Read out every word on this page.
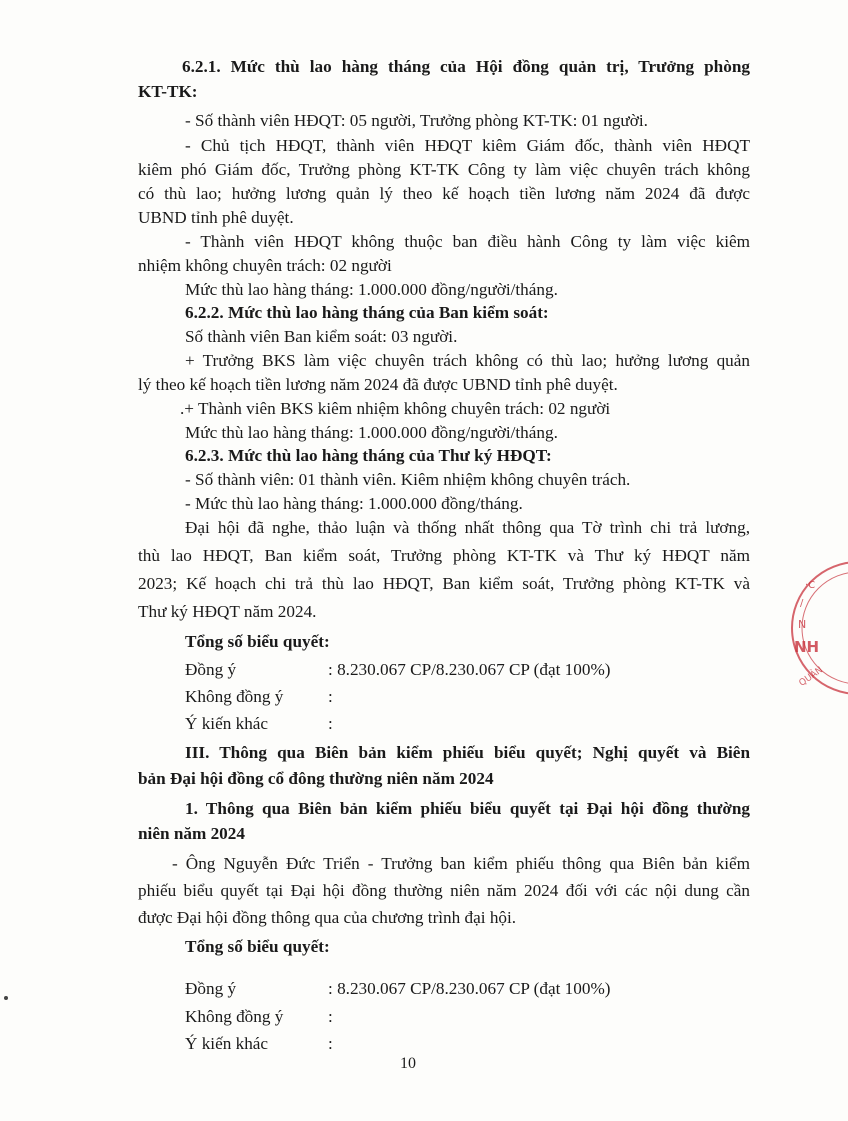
6.2.1. Mức thù lao hàng tháng của Hội đồng quản trị, Trưởng phòng
KT-TK:
- Số thành viên HĐQT: 05 người, Trưởng phòng KT-TK: 01 người.
- Chủ tịch HĐQT, thành viên HĐQT kiêm Giám đốc, thành viên HĐQT
kiêm phó Giám đốc, Trưởng phòng KT-TK Công ty làm việc chuyên trách không
có thù lao; hưởng lương quản lý theo kế hoạch tiền lương năm 2024 đã được
UBND tỉnh phê duyệt.
- Thành viên HĐQT không thuộc ban điều hành Công ty làm việc kiêm
nhiệm không chuyên trách: 02 người
Mức thù lao hàng tháng: 1.000.000 đồng/người/tháng.
6.2.2. Mức thù lao hàng tháng của Ban kiểm soát:
Số thành viên Ban kiểm soát: 03 người.
+ Trưởng BKS làm việc chuyên trách không có thù lao; hưởng lương quản
lý theo kế hoạch tiền lương năm 2024 đã được UBND tỉnh phê duyệt.
.+ Thành viên BKS kiêm nhiệm không chuyên trách: 02 người
Mức thù lao hàng tháng: 1.000.000 đồng/người/tháng.
6.2.3. Mức thù lao hàng tháng của Thư ký HĐQT:
- Số thành viên: 01 thành viên. Kiêm nhiệm không chuyên trách.
- Mức thù lao hàng tháng: 1.000.000 đồng/tháng.
Đại hội đã nghe, thảo luận và thống nhất thông qua Tờ trình chi trả lương,
thù lao HĐQT, Ban kiểm soát, Trưởng phòng KT-TK và Thư ký HĐQT năm
2023; Kế hoạch chi trả thù lao HĐQT, Ban kiểm soát, Trưởng phòng KT-TK và
Thư ký HĐQT năm 2024.
Tổng số biểu quyết:
Đồng ý	: 8.230.067 CP/8.230.067 CP (đạt 100%)
Không đồng ý	:
Ý kiến khác	:
III. Thông qua Biên bản kiểm phiếu biểu quyết; Nghị quyết và Biên
bản Đại hội đồng cổ đông thường niên năm 2024
1. Thông qua Biên bản kiểm phiếu biểu quyết tại Đại hội đồng thường
niên năm 2024
- Ông Nguyễn Đức Triển - Trưởng ban kiểm phiếu thông qua Biên bản kiểm
phiếu biểu quyết tại Đại hội đồng thường niên năm 2024 đối với các nội dung cần
được Đại hội đồng thông qua của chương trình đại hội.
Tổng số biểu quyết:
Đồng ý	: 8.230.067 CP/8.230.067 CP (đạt 100%)
Không đồng ý	:
Ý kiến khác	:
10
·C
/
N
NH
QUẢN
